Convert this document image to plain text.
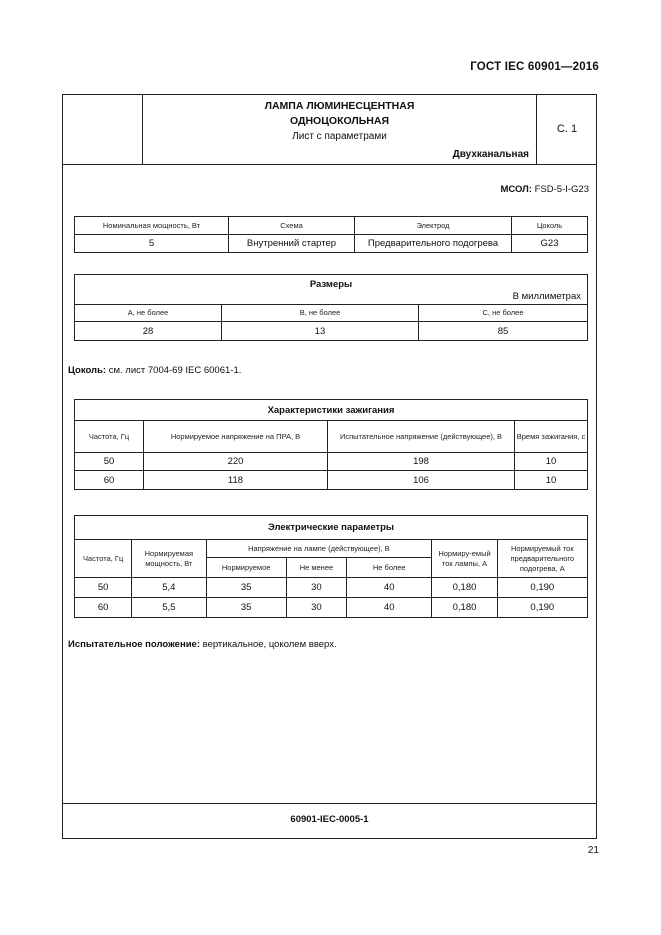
ГОСТ IEC 60901—2016
ЛАМПА ЛЮМИНЕСЦЕНТНАЯ
ОДНОЦОКОЛЬНАЯ
Лист с параметрами
Двухканальная
С. 1
МСОЛ: FSD-5-I-G23
Номинальная мощность, Вт	Схема	Электрод	Цоколь
5	Внутренний стартер	Предварительного подогрева	G23
Размеры
В миллиметрах		

A, не более	B, не более	C, не более
28	13	85
Цоколь: см. лист 7004-69 IEC 60061-1.
Характеристики зажигания			
Частота, Гц	Нормируемое напряжение на ПРА, В	Испытательное напряжение (действующее), В	Время зажигания, с
50	220	198	10
60	118	106	10
Электрические параметры						
Частота, Гц	Нормируемая мощность, Вт	Напряжение на лампе (действующее), В			Нормиру-емый ток лампы, А	Нормируемый ток предварительного подогрева, А
		Нормируемое	Не менее	Не более		
50	5,4	35	30	40	0,180	0,190
60	5,5	35	30	40	0,180	0,190
Испытательное положение: вертикальное, цоколем вверх.
60901-IEC-0005-1
21
